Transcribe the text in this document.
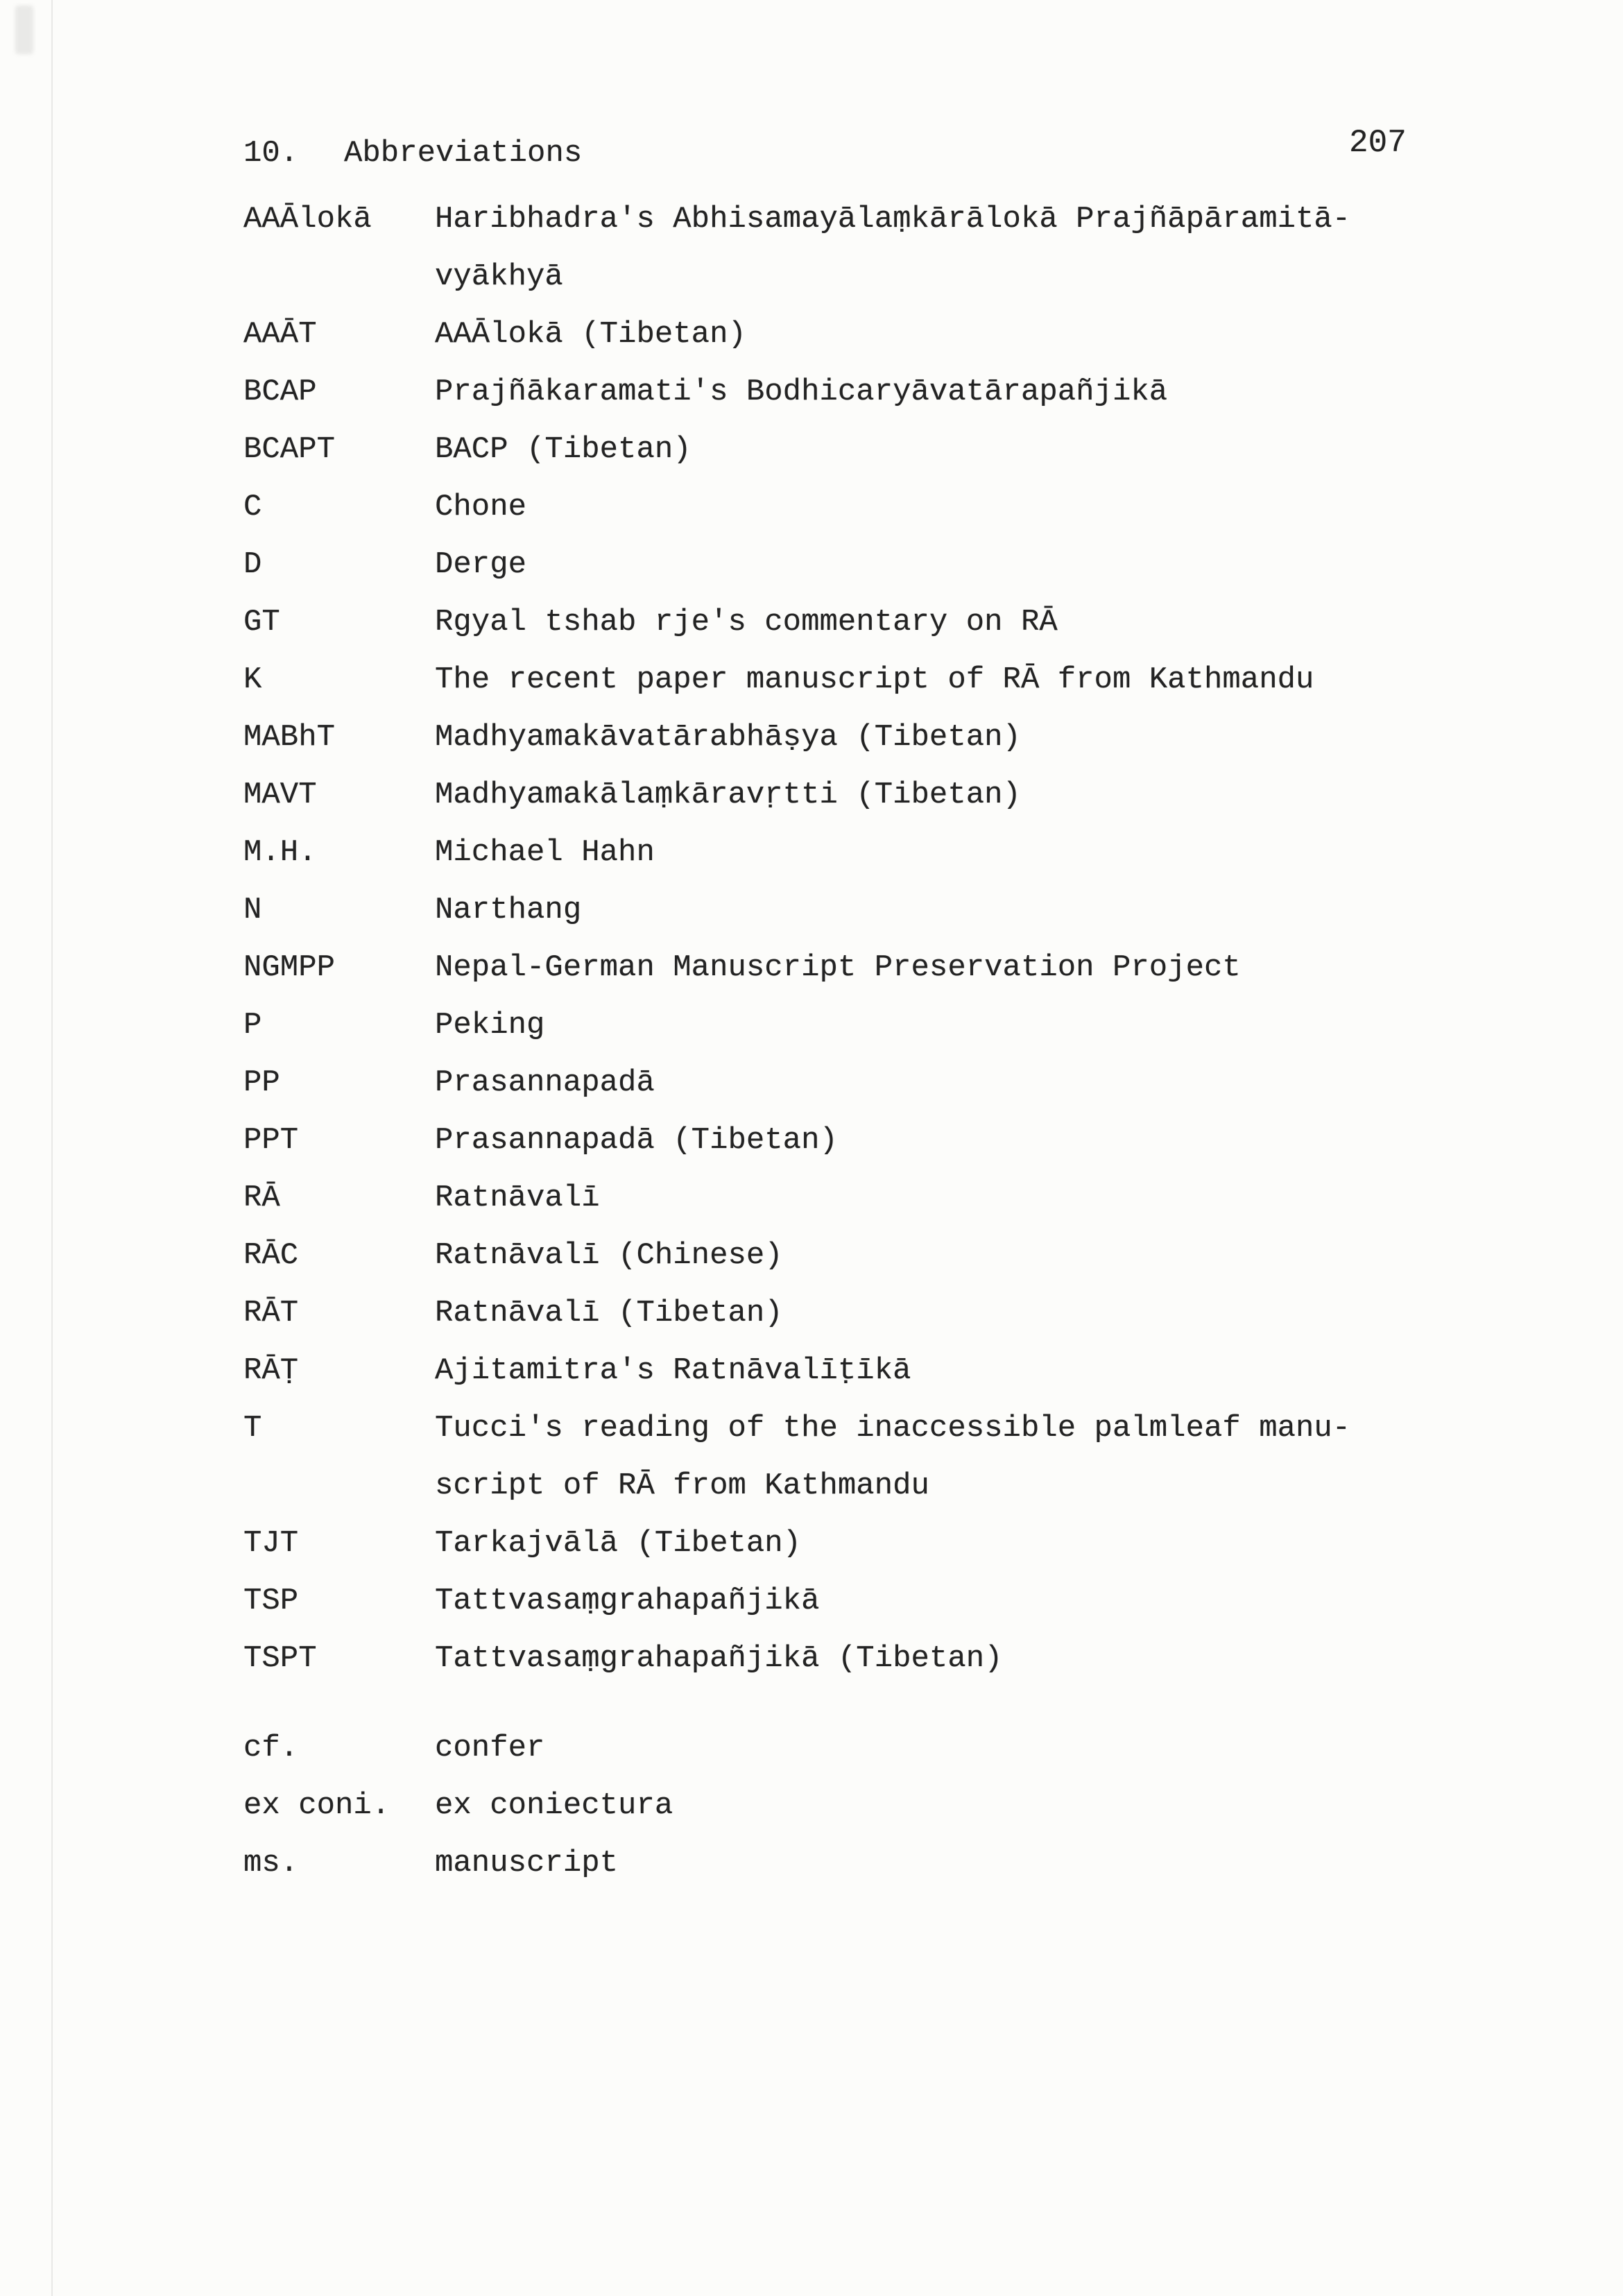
207
10.	Abbreviations
AAĀlokā	Haribhadra's Abhisamayālaṃkārālokā Prajñāpāramitā-
vyākhyā
AAĀT	AAĀlokā (Tibetan)
BCAP	Prajñākaramati's Bodhicaryāvatārapañjikā
BCAPT	BACP (Tibetan)
C	Chone
D	Derge
GT	Rgyal tshab rje's commentary on RĀ
K	The recent paper manuscript of RĀ from Kathmandu
MABhT	Madhyamakāvatārabhāṣya (Tibetan)
MAVT	Madhyamakālaṃkāravṛtti (Tibetan)
M.H.	Michael Hahn
N	Narthang
NGMPP	Nepal-German Manuscript Preservation Project
P	Peking
PP	Prasannapadā
PPT	Prasannapadā (Tibetan)
RĀ	Ratnāvalī
RĀC	Ratnāvalī (Chinese)
RĀT	Ratnāvalī (Tibetan)
RĀṬ	Ajitamitra's Ratnāvalīṭīkā
T	Tucci's reading of the inaccessible palmleaf manu-
script of RĀ from Kathmandu
TJT	Tarkajvālā (Tibetan)
TSP	Tattvasaṃgrahapañjikā
TSPT	Tattvasaṃgrahapañjikā (Tibetan)
cf.	confer
ex coni.	ex coniectura
ms.	manuscript
